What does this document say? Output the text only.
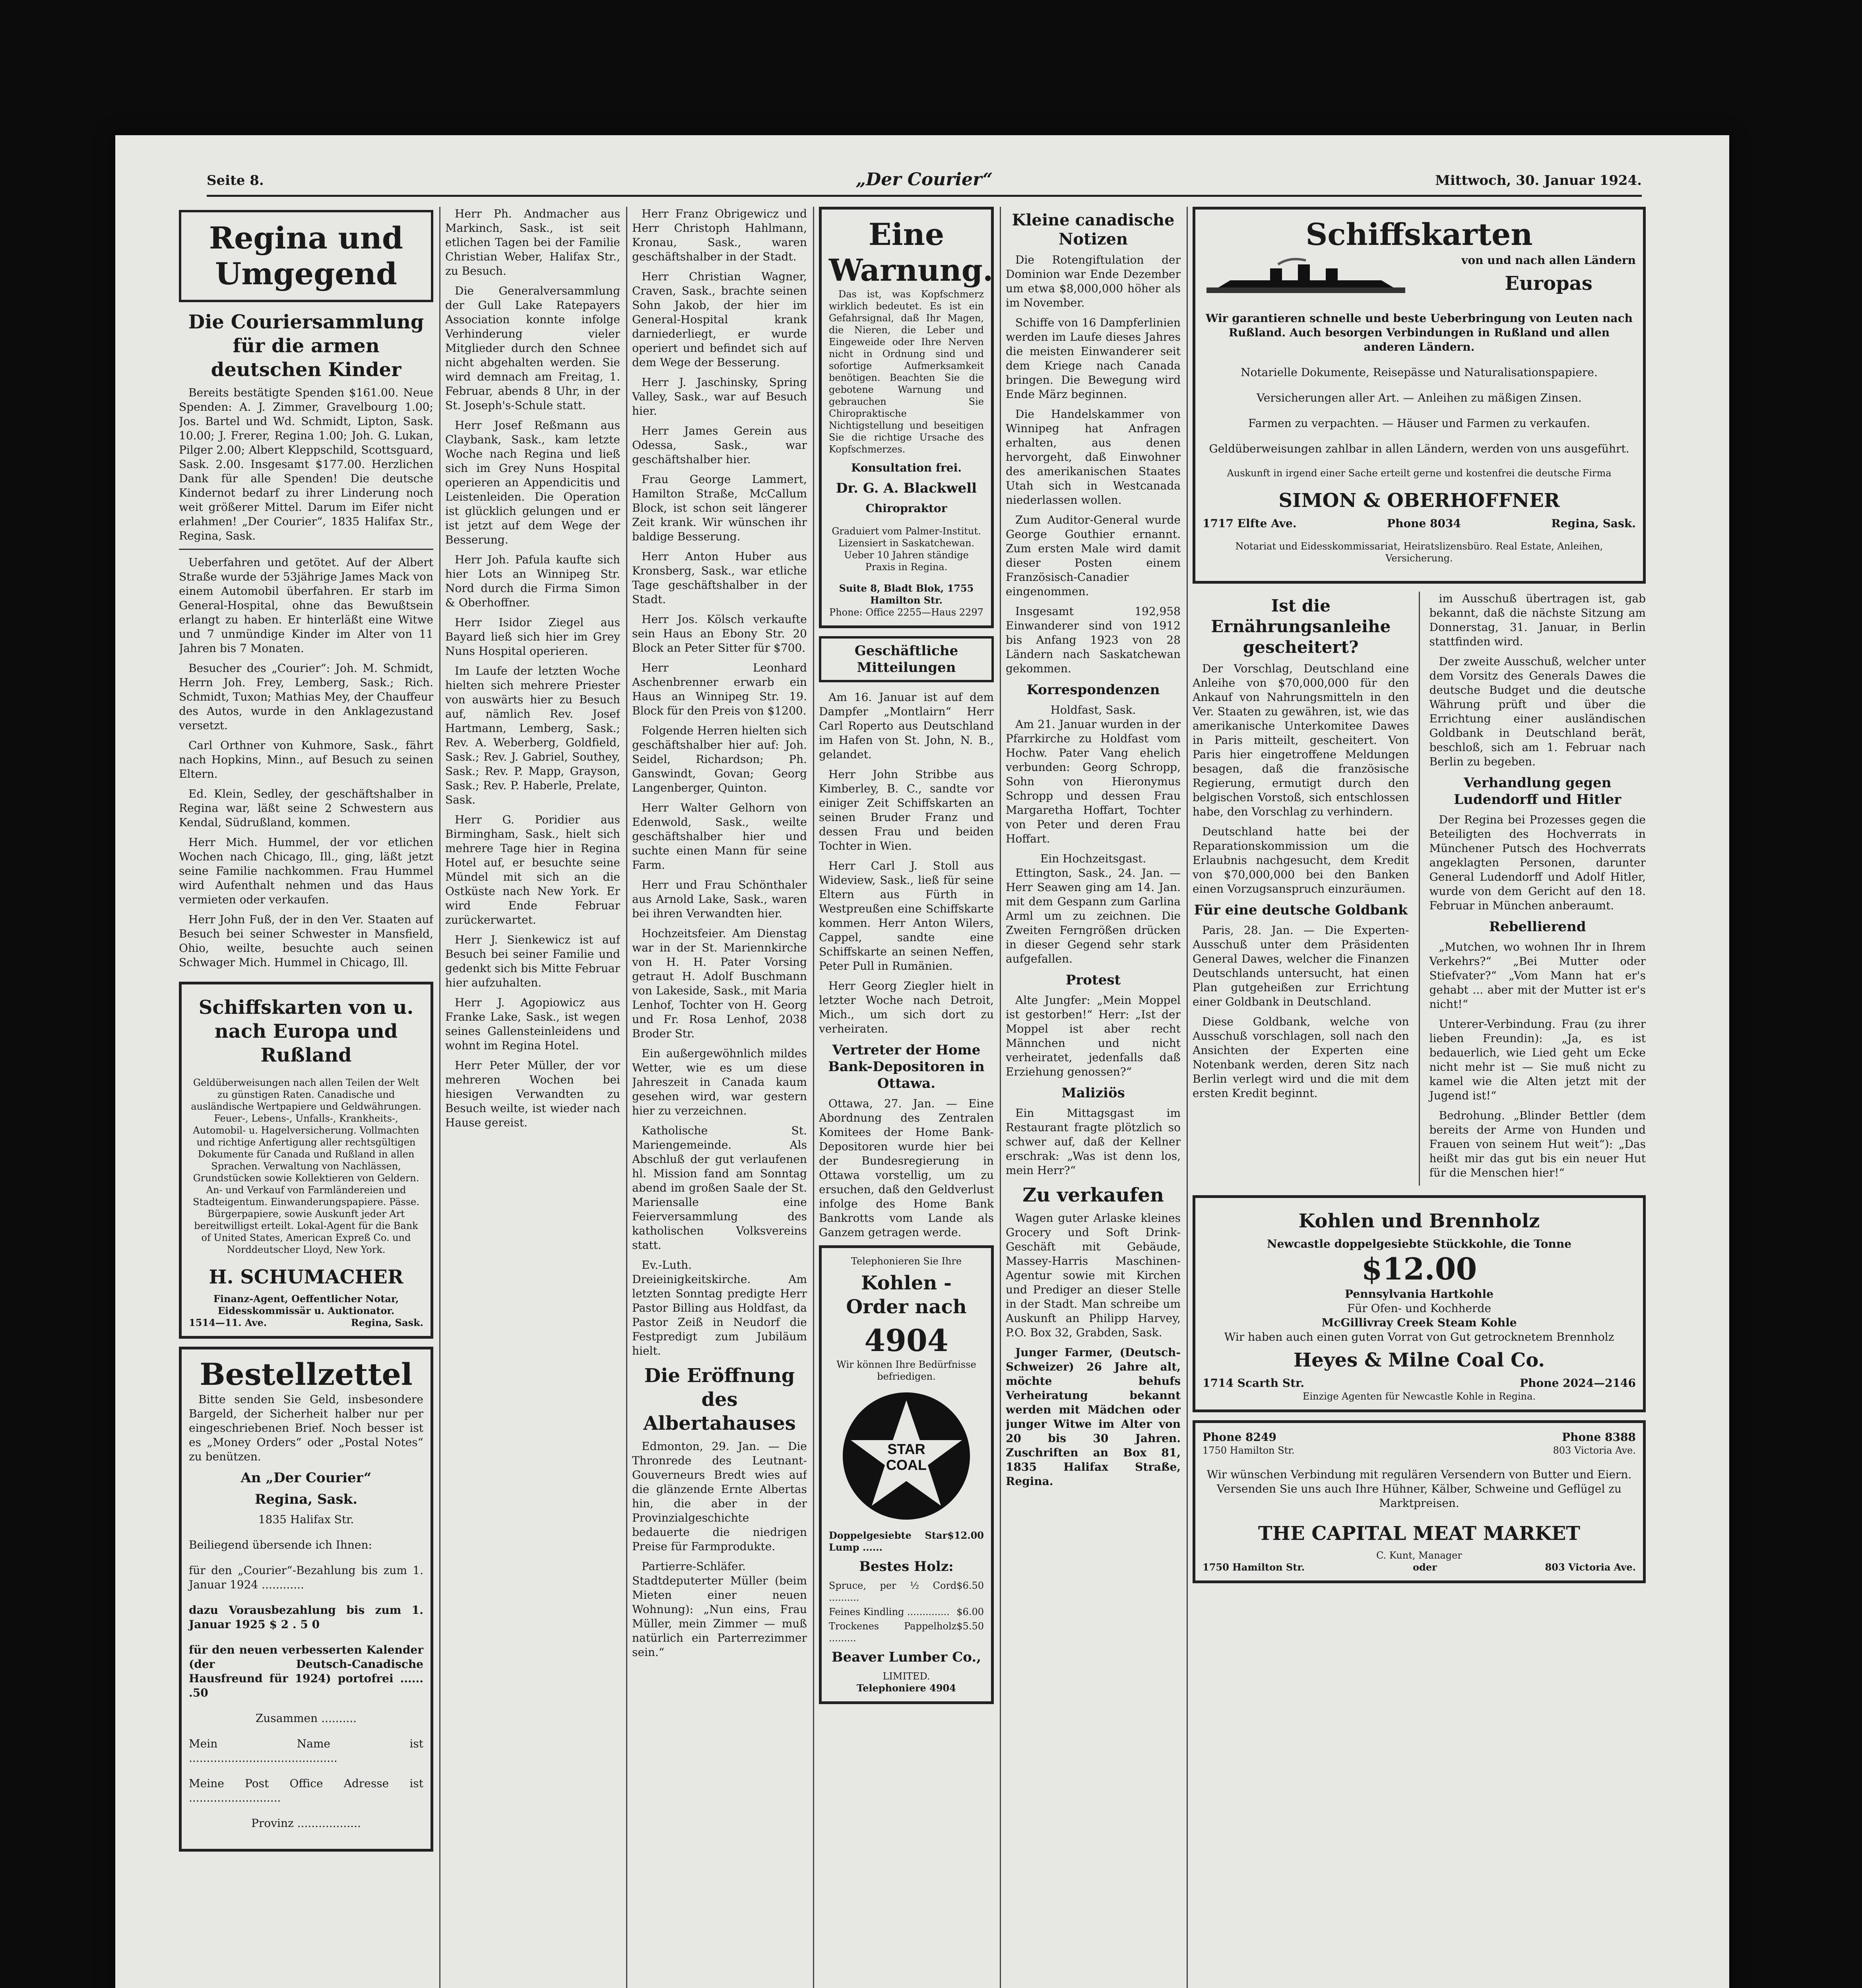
Seite 8.	„Der Courier“	Mittwoch, 30. Januar 1924.
Regina und Umgegend
Die Couriersammlung für die armen deutschen Kinder

Bereits bestätigte Spenden $161.00. Neue Spenden: A. J. Zimmer, Gravelbourg 1.00; Jos. Bartel und Wd. Schmidt, Lipton, Sask. 10.00; J. Frerer, Regina 1.00; Joh. G. Lukan, Pilger 2.00; Albert Kleppschild, Scottsguard, Sask. 2.00. Insgesamt $177.00. Herzlichen Dank für alle Spenden! Die deutsche Kindernot bedarf zu ihrer Linderung noch weit größerer Mittel. Darum im Eifer nicht erlahmen! „Der Courier“, 1835 Halifax Str., Regina, Sask.

Ueberfahren und getötet. Auf der Albert Straße wurde der 53jährige James Mack von einem Automobil überfahren. Er starb im General-Hospital, ohne das Bewußtsein erlangt zu haben. Er hinterläßt eine Witwe und 7 unmündige Kinder im Alter von 11 Jahren bis 7 Monaten.

Besucher des „Courier“: Joh. M. Schmidt, Herrn Joh. Frey, Lemberg, Sask.; Rich. Schmidt, Tuxon; Mathias Mey, der Chauffeur des Autos, wurde in den Anklagezustand versetzt.

Carl Orthner von Kuhmore, Sask., fährt nach Hopkins, Minn., auf Besuch zu seinen Eltern.

Ed. Klein, Sedley, der geschäftshalber in Regina war, läßt seine 2 Schwestern aus Kendal, Südrußland, kommen.

Herr Mich. Hummel, der vor etlichen Wochen nach Chicago, Ill., ging, läßt jetzt seine Familie nachkommen. Frau Hummel wird Aufenthalt nehmen und das Haus vermieten oder verkaufen.

Herr John Fuß, der in den Ver. Staaten auf Besuch bei seiner Schwester in Mansfield, Ohio, weilte, besuchte auch seinen Schwager Mich. Hummel in Chicago, Ill.

Schiffskarten von u. nach Europa und Rußland

Geldüberweisungen nach allen Teilen der Welt zu günstigen Raten. Canadische und ausländische Wertpapiere und Geldwährungen. Feuer-, Lebens-, Unfalls-, Krankheits-, Automobil- u. Hagelversicherung. Vollmachten und richtige Anfertigung aller rechtsgültigen Dokumente für Canada und Rußland in allen Sprachen. Verwaltung von Nachlässen, Grundstücken sowie Kollektieren von Geldern. An- und Verkauf von Farmländereien und Stadteigentum. Einwanderungspapiere. Pässe. Bürgerpapiere, sowie Auskunft jeder Art bereitwilligst erteilt. Lokal-Agent für die Bank of United States, American Expreß Co. und Norddeutscher Lloyd, New York.

H. SCHUMACHER
Finanz-Agent, Oeffentlicher Notar, Eidesskommissär u. Auktionator.
1514—11. Ave.	Regina, Sask.
Bestellzettel

Bitte senden Sie Geld, insbesondere Bargeld, der Sicherheit halber nur per eingeschriebenen Brief. Noch besser ist es „Money Orders“ oder „Postal Notes“ zu benützen.

An „Der Courier“
Regina, Sask.
1835 Halifax Str.

Beiliegend übersende ich Ihnen:

für den „Courier“-Bezahlung bis zum 1. Januar 1924 ............

dazu Vorausbezahlung bis zum 1. Januar 1925 $ 2 . 5 0

für den neuen verbesserten Kalender (der Deutsch-Canadische Hausfreund für 1924) portofrei ...... .50

Zusammen ..........

Mein Name ist ..........................................

Meine Post Office Adresse ist ..........................

Provinz ..................

Herr Ph. Andmacher aus Markinch, Sask., ist seit etlichen Tagen bei der Familie Christian Weber, Halifax Str., zu Besuch.

Die Generalversammlung der Gull Lake Ratepayers Association konnte infolge Verhinderung vieler Mitglieder durch den Schnee nicht abgehalten werden. Sie wird demnach am Freitag, 1. Februar, abends 8 Uhr, in der St. Joseph's-Schule statt.

Herr Josef Reßmann aus Claybank, Sask., kam letzte Woche nach Regina und ließ sich im Grey Nuns Hospital operieren an Appendicitis und Leistenleiden. Die Operation ist glücklich gelungen und er ist jetzt auf dem Wege der Besserung.

Herr Joh. Pafula kaufte sich hier Lots an Winnipeg Str. Nord durch die Firma Simon & Oberhoffner.

Herr Isidor Ziegel aus Bayard ließ sich hier im Grey Nuns Hospital operieren.

Im Laufe der letzten Woche hielten sich mehrere Priester von auswärts hier zu Besuch auf, nämlich Rev. Josef Hartmann, Lemberg, Sask.; Rev. A. Weberberg, Goldfield, Sask.; Rev. J. Gabriel, Southey, Sask.; Rev. P. Mapp, Grayson, Sask.; Rev. P. Haberle, Prelate, Sask.

Herr G. Poridier aus Birmingham, Sask., hielt sich mehrere Tage hier in Regina Hotel auf, er besuchte seine Mündel mit sich an die Ostküste nach New York. Er wird Ende Februar zurückerwartet.

Herr J. Sienkewicz ist auf Besuch bei seiner Familie und gedenkt sich bis Mitte Februar hier aufzuhalten.

Herr J. Agopiowicz aus Franke Lake, Sask., ist wegen seines Gallensteinleidens und wohnt im Regina Hotel.

Herr Peter Müller, der vor mehreren Wochen bei hiesigen Verwandten zu Besuch weilte, ist wieder nach Hause gereist.

Herr Franz Obrigewicz und Herr Christoph Hahlmann, Kronau, Sask., waren geschäftshalber in der Stadt.

Herr Christian Wagner, Craven, Sask., brachte seinen Sohn Jakob, der hier im General-Hospital krank darniederliegt, er wurde operiert und befindet sich auf dem Wege der Besserung.

Herr J. Jaschinsky, Spring Valley, Sask., war auf Besuch hier.

Herr James Gerein aus Odessa, Sask., war geschäftshalber hier.

Frau George Lammert, Hamilton Straße, McCallum Block, ist schon seit längerer Zeit krank. Wir wünschen ihr baldige Besserung.

Herr Anton Huber aus Kronsberg, Sask., war etliche Tage geschäftshalber in der Stadt.

Herr Jos. Kölsch verkaufte sein Haus an Ebony Str. 20 Block an Peter Sitter für $700.

Herr Leonhard Aschenbrenner erwarb ein Haus an Winnipeg Str. 19. Block für den Preis von $1200.

Folgende Herren hielten sich geschäftshalber hier auf: Joh. Seidel, Richardson; Ph. Ganswindt, Govan; Georg Langenberger, Quinton.

Herr Walter Gelhorn von Edenwold, Sask., weilte geschäftshalber hier und suchte einen Mann für seine Farm.

Herr und Frau Schönthaler aus Arnold Lake, Sask., waren bei ihren Verwandten hier.

Hochzeitsfeier. Am Dienstag war in der St. Mariennkirche von H. H. Pater Vorsing getraut H. Adolf Buschmann von Lakeside, Sask., mit Maria Lenhof, Tochter von H. Georg und Fr. Rosa Lenhof, 2038 Broder Str.

Ein außergewöhnlich mildes Wetter, wie es um diese Jahreszeit in Canada kaum gesehen wird, war gestern hier zu verzeichnen.

Katholische St. Mariengemeinde. Als Abschluß der gut verlaufenen hl. Mission fand am Sonntag abend im großen Saale der St. Mariensalle eine Feierversammlung des katholischen Volksvereins statt.

Ev.-Luth. Dreieinigkeitskirche. Am letzten Sonntag predigte Herr Pastor Billing aus Holdfast, da Pastor Zeiß in Neudorf die Festpredigt zum Jubiläum hielt.

Die Eröffnung des Albertahauses

Edmonton, 29. Jan. — Die Thronrede des Leutnant-Gouverneurs Bredt wies auf die glänzende Ernte Albertas hin, die aber in der Provinzialgeschichte bedauerte die niedrigen Preise für Farmprodukte.

Partierre-Schläfer. Stadtdeputerter Müller (beim Mieten einer neuen Wohnung): „Nun eins, Frau Müller, mein Zimmer — muß natürlich ein Parterrezimmer sein.“

Eine Warnung.

Das ist, was Kopfschmerz wirklich bedeutet. Es ist ein Gefahrsignal, daß Ihr Magen, die Nieren, die Leber und Eingeweide oder Ihre Nerven nicht in Ordnung sind und sofortige Aufmerksamkeit benötigen. Beachten Sie die gebotene Warnung und gebrauchen Sie Chiropraktische Nichtigstellung und beseitigen Sie die richtige Ursache des Kopfschmerzes.

Konsultation frei.
Dr. G. A. Blackwell
Chiropraktor

Graduiert vom Palmer-Institut. Lizensiert in Saskatchewan. Ueber 10 Jahren ständige Praxis in Regina.

Suite 8, Bladt Blok, 1755 Hamilton Str.
Phone: Office 2255—Haus 2297
Geschäftliche Mitteilungen

Am 16. Januar ist auf dem Dampfer „Montlairn“ Herr Carl Roperto aus Deutschland im Hafen von St. John, N. B., gelandet.

Herr John Stribbe aus Kimberley, B. C., sandte vor einiger Zeit Schiffskarten an seinen Bruder Franz und dessen Frau und beiden Tochter in Wien.

Herr Carl J. Stoll aus Wideview, Sask., ließ für seine Eltern aus Fürth in Westpreußen eine Schiffskarte kommen. Herr Anton Wilers, Cappel, sandte eine Schiffskarte an seinen Neffen, Peter Pull in Rumänien.

Herr Georg Ziegler hielt in letzter Woche nach Detroit, Mich., um sich dort zu verheiraten.

Vertreter der Home Bank-Depositoren in Ottawa.

Ottawa, 27. Jan. — Eine Abordnung des Zentralen Komitees der Home Bank-Depositoren wurde hier bei der Bundesregierung in Ottawa vorstellig, um zu ersuchen, daß den Geldverlust infolge des Home Bank Bankrotts vom Lande als Ganzem getragen werde.

Telephonieren Sie Ihre
Kohlen - Order nach
4904
Wir können Ihre Bedürfnisse befriedigen.
STAR
COAL
Doppelgesiebte Star Lump ......
$12.00
Bestes Holz:
Spruce, per ½ Cord ..........
$6.50
Feines Kindling .............. $6.00
Trockenes Pappelholz .........
$5.50
Beaver Lumber Co.,
LIMITED.
Telephoniere 4904
Kleine canadische Notizen

Die Rotengiftulation der Dominion war Ende Dezember um etwa $8,000,000 höher als im November.

Schiffe von 16 Dampferlinien werden im Laufe dieses Jahres die meisten Einwanderer seit dem Kriege nach Canada bringen. Die Bewegung wird Ende März beginnen.

Die Handelskammer von Winnipeg hat Anfragen erhalten, aus denen hervorgeht, daß Einwohner des amerikanischen Staates Utah sich in Westcanada niederlassen wollen.

Zum Auditor-General wurde George Gouthier ernannt. Zum ersten Male wird damit dieser Posten einem Französisch-Canadier eingenommen.

Insgesamt 192,958 Einwanderer sind von 1912 bis Anfang 1923 von 28 Ländern nach Saskatchewan gekommen.

Korrespondenzen
Holdfast, Sask.

Am 21. Januar wurden in der Pfarrkirche zu Holdfast vom Hochw. Pater Vang ehelich verbunden: Georg Schropp, Sohn von Hieronymus Schropp und dessen Frau Margaretha Hoffart, Tochter von Peter und deren Frau Hoffart.

Ein Hochzeitsgast.

Ettington, Sask., 24. Jan. — Herr Seawen ging am 14. Jan. mit dem Gespann zum Garlina Arml um zu zeichnen. Die Zweiten Ferngrößen drücken in dieser Gegend sehr stark aufgefallen.

Protest

Alte Jungfer: „Mein Moppel ist gestorben!“ Herr: „Ist der Moppel ist aber recht Männchen und nicht verheiratet, jedenfalls daß Erziehung genossen?“

Maliziös

Ein Mittagsgast im Restaurant fragte plötzlich so schwer auf, daß der Kellner erschrak: „Was ist denn los, mein Herr?“

Zu verkaufen

Wagen guter Arlaske kleines Grocery und Soft Drink-Geschäft mit Gebäude, Massey-Harris Maschinen-Agentur sowie mit Kirchen und Prediger an dieser Stelle in der Stadt. Man schreibe um Auskunft an Philipp Harvey, P.O. Box 32, Grabden, Sask.

Junger Farmer, (Deutsch-Schweizer) 26 Jahre alt, möchte behufs Verheiratung bekannt werden mit Mädchen oder junger Witwe im Alter von 20 bis 30 Jahren. Zuschriften an Box 81, 1835 Halifax Straße, Regina.

Schiffskarten
von und nach allen Ländern
Europas

Wir garantieren schnelle und beste Ueberbringung von Leuten nach Rußland. Auch besorgen Verbindungen in Rußland und allen anderen Ländern.

Notarielle Dokumente, Reisepässe und Naturalisationspapiere.

Versicherungen aller Art. — Anleihen zu mäßigen Zinsen.

Farmen zu verpachten. — Häuser und Farmen zu verkaufen.

Geldüberweisungen zahlbar in allen Ländern, werden von uns ausgeführt.

Auskunft in irgend einer Sache erteilt gerne und kostenfrei die deutsche Firma

SIMON & OBERHOFFNER
1717 Elfte Ave.	Phone 8034	Regina, Sask.

Notariat und Eidesskommissariat, Heiratslizensbüro. Real Estate, Anleihen, Versicherung.

Ist die Ernährungsanleihe gescheitert?

Der Vorschlag, Deutschland eine Anleihe von $70,000,000 für den Ankauf von Nahrungsmitteln in den Ver. Staaten zu gewähren, ist, wie das amerikanische Unterkomitee Dawes in Paris mitteilt, gescheitert. Von Paris hier eingetroffene Meldungen besagen, daß die französische Regierung, ermutigt durch den belgischen Vorstoß, sich entschlossen habe, den Vorschlag zu verhindern.

Deutschland hatte bei der Reparationskommission um die Erlaubnis nachgesucht, dem Kredit von $70,000,000 bei den Banken einen Vorzugsanspruch einzuräumen.

Für eine deutsche Goldbank

Paris, 28. Jan. — Die Experten-Ausschuß unter dem Präsidenten General Dawes, welcher die Finanzen Deutschlands untersucht, hat einen Plan gutgeheißen zur Errichtung einer Goldbank in Deutschland.

Diese Goldbank, welche von Ausschuß vorschlagen, soll nach den Ansichten der Experten eine Notenbank werden, deren Sitz nach Berlin verlegt wird und die mit dem ersten Kredit beginnt.

im Ausschuß übertragen ist, gab bekannt, daß die nächste Sitzung am Donnerstag, 31. Januar, in Berlin stattfinden wird.

Der zweite Ausschuß, welcher unter dem Vorsitz des Generals Dawes die deutsche Budget und die deutsche Währung prüft und über die Errichtung einer ausländischen Goldbank in Deutschland berät, beschloß, sich am 1. Februar nach Berlin zu begeben.

Verhandlung gegen Ludendorff und Hitler

Der Regina bei Prozesses gegen die Beteiligten des Hochverrats in Münchener Putsch des Hochverrats angeklagten Personen, darunter General Ludendorff und Adolf Hitler, wurde von dem Gericht auf den 18. Februar in München anberaumt.

Rebellierend

„Mutchen, wo wohnen Ihr in Ihrem Verkehrs?“ „Bei Mutter oder Stiefvater?“ „Vom Mann hat er's gehabt ... aber mit der Mutter ist er's nicht!“

Unterer-Verbindung. Frau (zu ihrer lieben Freundin): „Ja, es ist bedauerlich, wie Lied geht um Ecke nicht mehr ist — Sie muß nicht zu kamel wie die Alten jetzt mit der Jugend ist!“

Bedrohung. „Blinder Bettler (dem bereits der Arme von Hunden und Frauen von seinem Hut weit“): „Das heißt mir das gut bis ein neuer Hut für die Menschen hier!“

Kohlen und Brennholz
Newcastle doppelgesiebte Stückkohle, die Tonne
$12.00
Pennsylvania Hartkohle
Für Ofen- und Kochherde
McGillivray Creek Steam Kohle
Wir haben auch einen guten Vorrat von Gut getrocknetem Brennholz
Heyes & Milne Coal Co.
1714 Scarth Str.	Phone 2024—2146
Einzige Agenten für Newcastle Kohle in Regina.
Phone 8249	Phone 8388
1750 Hamilton Str.	803 Victoria Ave.

Wir wünschen Verbindung mit regulären Versendern von Butter und Eiern. Versenden Sie uns auch Ihre Hühner, Kälber, Schweine und Geflügel zu Marktpreisen.

THE CAPITAL MEAT MARKET
C. Kunt, Manager
1750 Hamilton Str.	oder	803 Victoria Ave.
